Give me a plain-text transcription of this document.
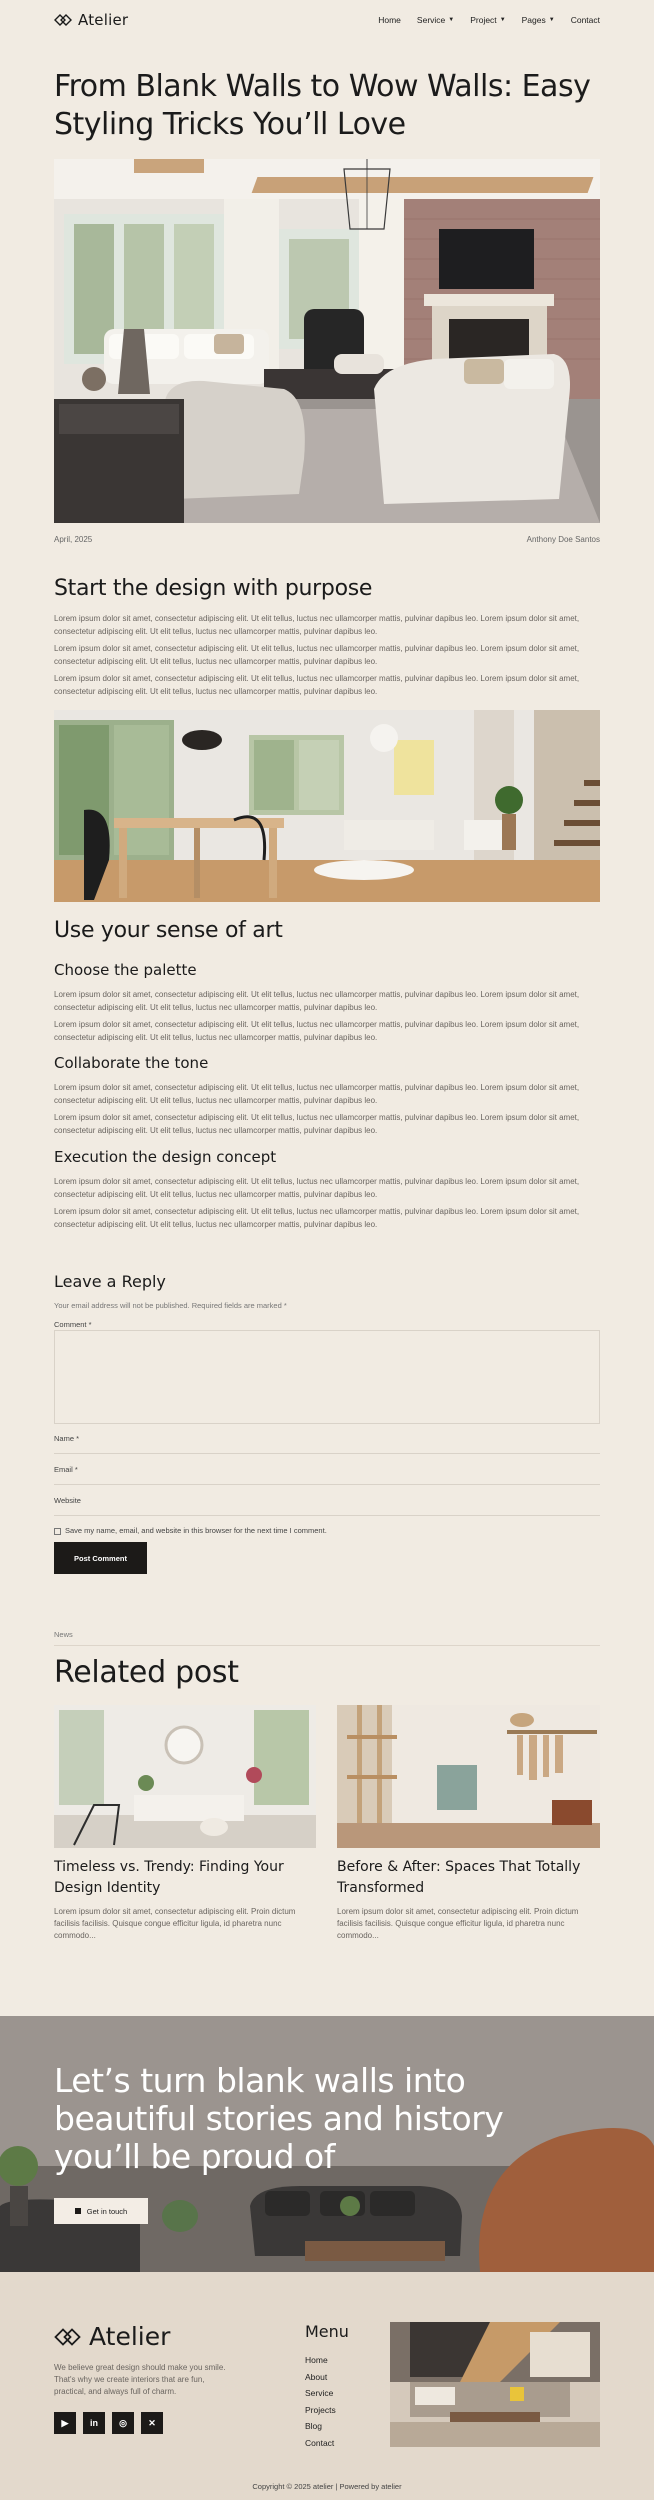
Atelier	Home Service ▼ Project ▼ Pages ▼ Contact
From Blank Walls to Wow Walls: Easy
Styling Tricks You’ll Love
April, 2025	Anthony Doe Santos
Start the design with purpose

Lorem ipsum dolor sit amet, consectetur adipiscing elit. Ut elit tellus, luctus nec ullamcorper mattis, pulvinar dapibus leo. Lorem ipsum dolor sit amet, consectetur adipiscing elit. Ut elit tellus, luctus nec ullamcorper mattis, pulvinar dapibus leo.

Lorem ipsum dolor sit amet, consectetur adipiscing elit. Ut elit tellus, luctus nec ullamcorper mattis, pulvinar dapibus leo. Lorem ipsum dolor sit amet, consectetur adipiscing elit. Ut elit tellus, luctus nec ullamcorper mattis, pulvinar dapibus leo.

Lorem ipsum dolor sit amet, consectetur adipiscing elit. Ut elit tellus, luctus nec ullamcorper mattis, pulvinar dapibus leo. Lorem ipsum dolor sit amet, consectetur adipiscing elit. Ut elit tellus, luctus nec ullamcorper mattis, pulvinar dapibus leo.

Use your sense of art
Choose the palette

Lorem ipsum dolor sit amet, consectetur adipiscing elit. Ut elit tellus, luctus nec ullamcorper mattis, pulvinar dapibus leo. Lorem ipsum dolor sit amet, consectetur adipiscing elit. Ut elit tellus, luctus nec ullamcorper mattis, pulvinar dapibus leo.

Lorem ipsum dolor sit amet, consectetur adipiscing elit. Ut elit tellus, luctus nec ullamcorper mattis, pulvinar dapibus leo. Lorem ipsum dolor sit amet, consectetur adipiscing elit. Ut elit tellus, luctus nec ullamcorper mattis, pulvinar dapibus leo.

Collaborate the tone

Lorem ipsum dolor sit amet, consectetur adipiscing elit. Ut elit tellus, luctus nec ullamcorper mattis, pulvinar dapibus leo. Lorem ipsum dolor sit amet, consectetur adipiscing elit. Ut elit tellus, luctus nec ullamcorper mattis, pulvinar dapibus leo.

Lorem ipsum dolor sit amet, consectetur adipiscing elit. Ut elit tellus, luctus nec ullamcorper mattis, pulvinar dapibus leo. Lorem ipsum dolor sit amet, consectetur adipiscing elit. Ut elit tellus, luctus nec ullamcorper mattis, pulvinar dapibus leo.

Execution the design concept

Lorem ipsum dolor sit amet, consectetur adipiscing elit. Ut elit tellus, luctus nec ullamcorper mattis, pulvinar dapibus leo. Lorem ipsum dolor sit amet, consectetur adipiscing elit. Ut elit tellus, luctus nec ullamcorper mattis, pulvinar dapibus leo.

Lorem ipsum dolor sit amet, consectetur adipiscing elit. Ut elit tellus, luctus nec ullamcorper mattis, pulvinar dapibus leo. Lorem ipsum dolor sit amet, consectetur adipiscing elit. Ut elit tellus, luctus nec ullamcorper mattis, pulvinar dapibus leo.

Leave a Reply

Your email address will not be published. Required fields are marked *

Comment *

Name *

Email *

Website

Save my name, email, and website in this browser for the next time I comment.
Post Comment

News

Related post
Timeless vs. Trendy: Finding Your Design Identity
Lorem ipsum dolor sit amet, consectetur adipiscing elit. Proin dictum facilisis facilisis. Quisque congue efficitur ligula, id pharetra nunc commodo...
Before & After: Spaces That Totally Transformed
Lorem ipsum dolor sit amet, consectetur adipiscing elit. Proin dictum facilisis facilisis. Quisque congue efficitur ligula, id pharetra nunc commodo...
Let’s turn blank walls into
beautiful stories and history
you’ll be proud of
Get in touch
Atelier

We believe great design should make you smile. That's why we create interiors that are fun, practical, and always full of charm.

▶	in	◎	✕
Menu
Home
About
Service
Projects
Blog
Contact
Copyright © 2025 atelier | Powered by atelier
